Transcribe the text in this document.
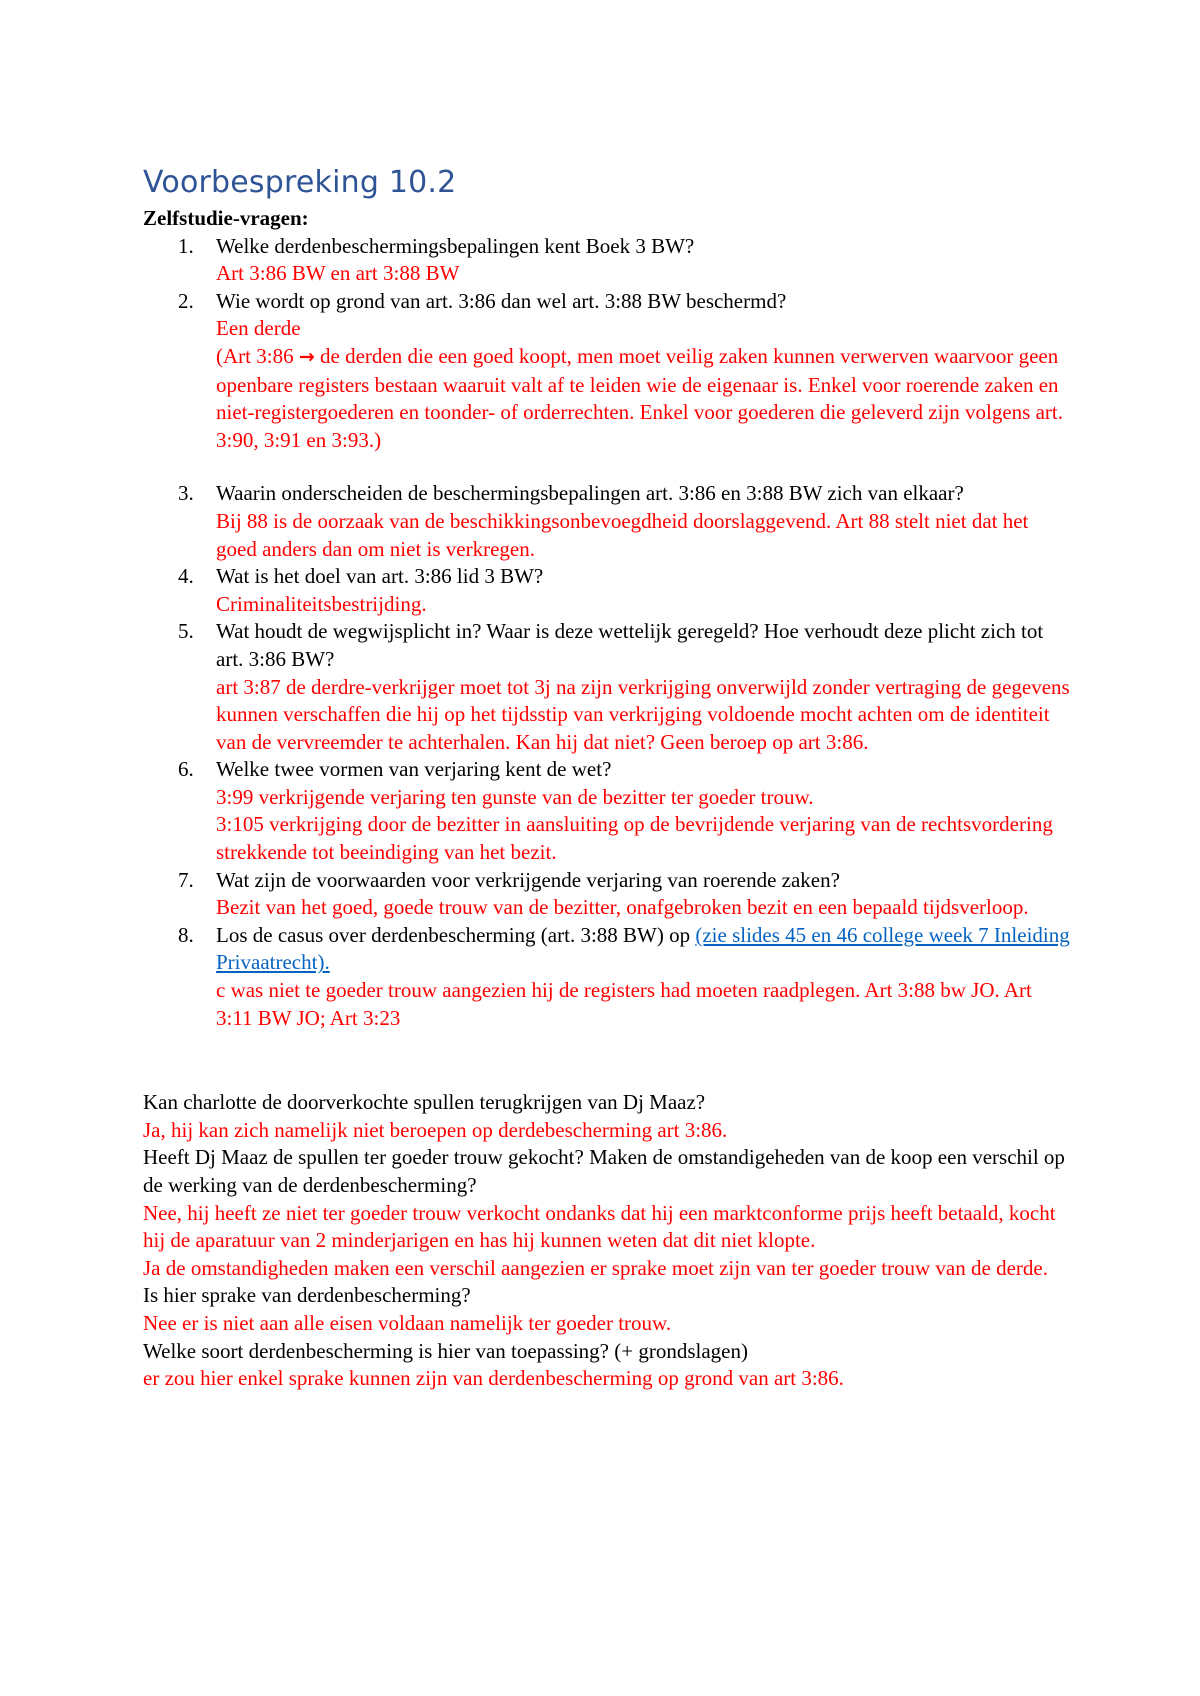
Voorbespreking 10.2

Zelfstudie-vragen:

1. Welke derdenbeschermingsbepalingen kent Boek 3 BW?
Art 3:86 BW en art 3:88 BW
2. Wie wordt op grond van art. 3:86 dan wel art. 3:88 BW beschermd?
Een derde
(Art 3:86 → de derden die een goed koopt, men moet veilig zaken kunnen verwerven waarvoor geen openbare registers bestaan waaruit valt af te leiden wie de eigenaar is. Enkel voor roerende zaken en niet-registergoederen en toonder- of orderrechten. Enkel voor goederen die geleverd zijn volgens art. 3:90, 3:91 en 3:93.)
3. Waarin onderscheiden de beschermingsbepalingen art. 3:86 en 3:88 BW zich van elkaar?
Bij 88 is de oorzaak van de beschikkingsonbevoegdheid doorslaggevend. Art 88 stelt niet dat het goed anders dan om niet is verkregen.
4. Wat is het doel van art. 3:86 lid 3 BW?
Criminaliteitsbestrijding.
5. Wat houdt de wegwijsplicht in? Waar is deze wettelijk geregeld? Hoe verhoudt deze plicht zich tot art. 3:86 BW?
art 3:87 de derdre-verkrijger moet tot 3j na zijn verkrijging onverwijld zonder vertraging de gegevens kunnen verschaffen die hij op het tijdsstip van verkrijging voldoende mocht achten om de identiteit van de vervreemder te achterhalen. Kan hij dat niet? Geen beroep op art 3:86.
6. Welke twee vormen van verjaring kent de wet?
3:99 verkrijgende verjaring ten gunste van de bezitter ter goeder trouw.
3:105 verkrijging door de bezitter in aansluiting op de bevrijdende verjaring van de rechtsvordering strekkende tot beeindiging van het bezit.
7. Wat zijn de voorwaarden voor verkrijgende verjaring van roerende zaken?
Bezit van het goed, goede trouw van de bezitter, onafgebroken bezit en een bepaald tijdsverloop.
8. Los de casus over derdenbescherming (art. 3:88 BW) op (zie slides 45 en 46 college week 7 Inleiding Privaatrecht).
c was niet te goeder trouw aangezien hij de registers had moeten raadplegen. Art 3:88 bw JO. Art 3:11 BW JO; Art 3:23
Kan charlotte de doorverkochte spullen terugkrijgen van Dj Maaz?
Ja, hij kan zich namelijk niet beroepen op derdebescherming art 3:86.
Heeft Dj Maaz de spullen ter goeder trouw gekocht? Maken de omstandigeheden van de koop een verschil op de werking van de derdenbescherming?
Nee, hij heeft ze niet ter goeder trouw verkocht ondanks dat hij een marktconforme prijs heeft betaald, kocht hij de aparatuur van 2 minderjarigen en has hij kunnen weten dat dit niet klopte.
Ja de omstandigheden maken een verschil aangezien er sprake moet zijn van ter goeder trouw van de derde.
Is hier sprake van derdenbescherming?
Nee er is niet aan alle eisen voldaan namelijk ter goeder trouw.
Welke soort derdenbescherming is hier van toepassing? (+ grondslagen)
er zou hier enkel sprake kunnen zijn van derdenbescherming op grond van art 3:86.
